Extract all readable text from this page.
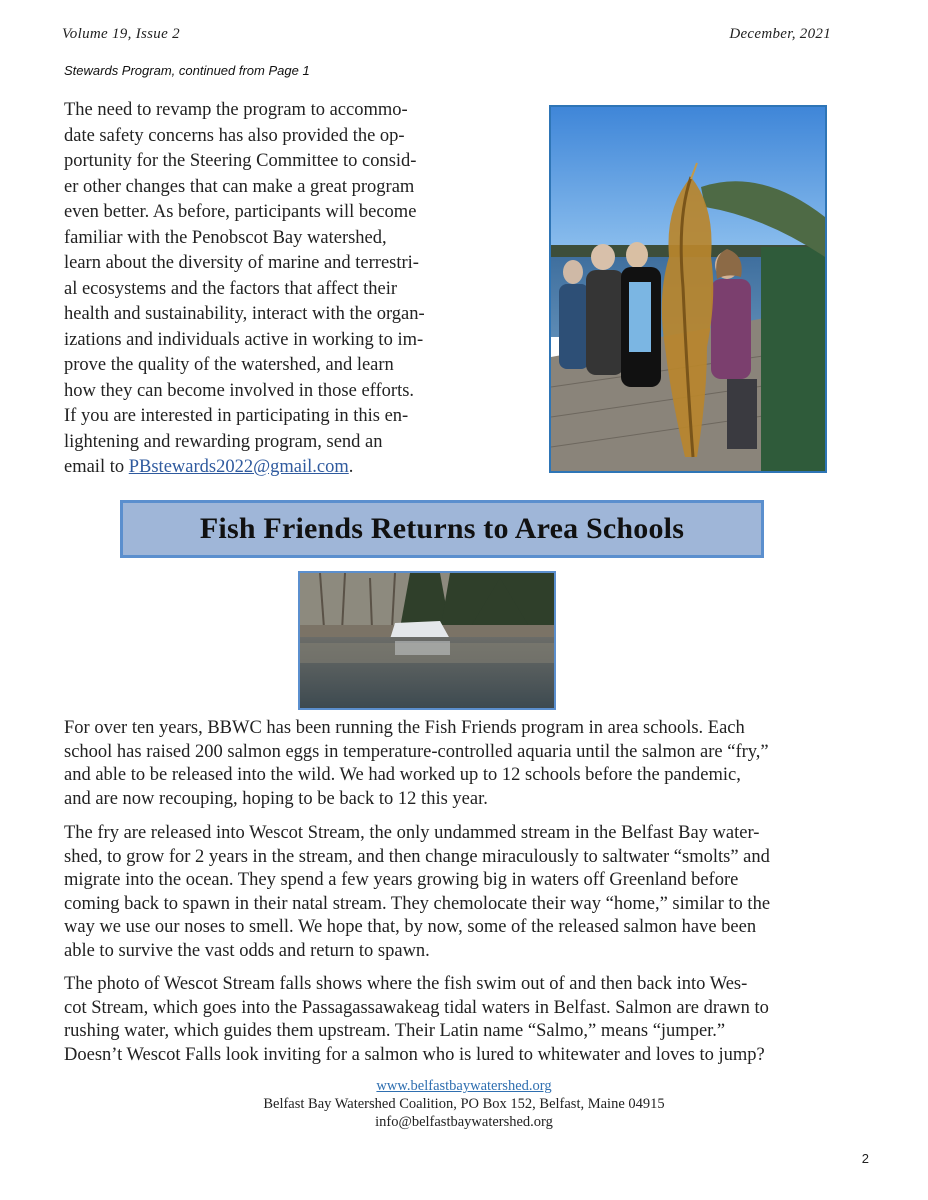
Volume 19, Issue 2	December, 2021
Stewards Program, continued from Page 1
The need to revamp the program to accommo-
date safety concerns has also provided the op-
portunity for the Steering Committee to consid-
er other changes that can make a great program
even better. As before, participants will become
familiar with the Penobscot Bay watershed,
learn about the diversity of marine and terrestri-
al ecosystems and the factors that affect their
health and sustainability, interact with the organ-
izations and individuals active in working to im-
prove the quality of the watershed, and learn
how they can become involved in those efforts.
If you are interested in participating in this en-
lightening and rewarding program, send an
email to PBstewards2022@gmail.com.
Fish Friends Returns to Area Schools
For over ten years, BBWC has been running the Fish Friends program in area schools. Each
school has raised 200 salmon eggs in temperature-controlled aquaria until the salmon are “fry,”
and able to be released into the wild. We had worked up to 12 schools before the pandemic,
and are now recouping, hoping to be back to 12 this year.
The fry are released into Wescot Stream, the only undammed stream in the Belfast Bay water-
shed, to grow for 2 years in the stream, and then change miraculously to saltwater “smolts” and
migrate into the ocean. They spend a few years growing big in waters off Greenland before
coming back to spawn in their natal stream. They chemolocate their way “home,” similar to the
way we use our noses to smell. We hope that, by now, some of the released salmon have been
able to survive the vast odds and return to spawn.
The photo of Wescot Stream falls shows where the fish swim out of and then back into Wes-
cot Stream, which goes into the Passagassawakeag tidal waters in Belfast. Salmon are drawn to
rushing water, which guides them upstream. Their Latin name “Salmo,” means “jumper.”
Doesn’t Wescot Falls look inviting for a salmon who is lured to whitewater and loves to jump?
www.belfastbaywatershed.org
Belfast Bay Watershed Coalition, PO Box 152, Belfast, Maine 04915
info@belfastbaywatershed.org
2
